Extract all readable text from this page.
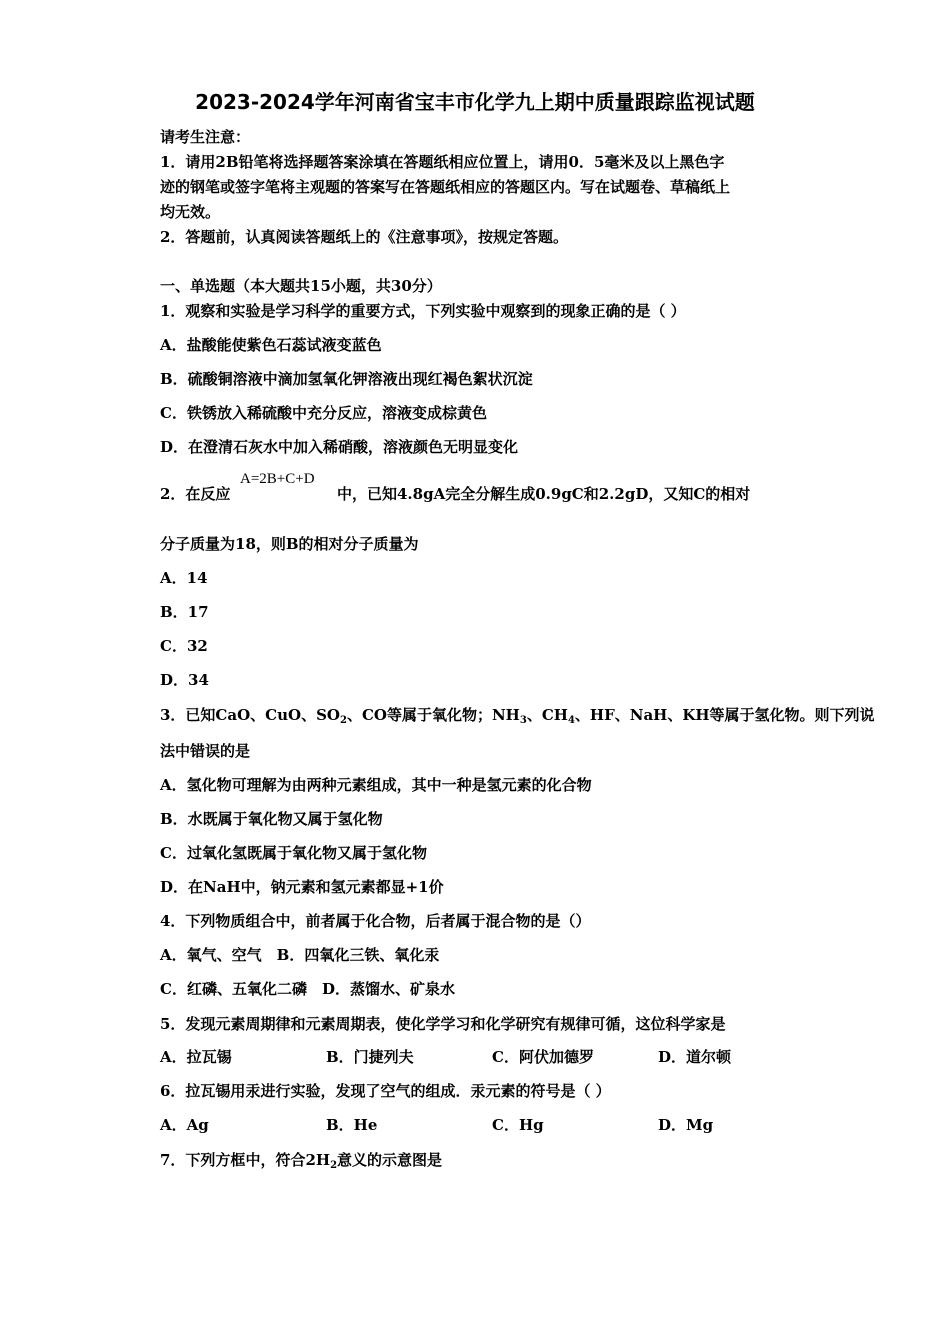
2023-2024学年河南省宝丰市化学九上期中质量跟踪监视试题
请考生注意：
1．请用2B铅笔将选择题答案涂填在答题纸相应位置上，请用0．5毫米及以上黑色字
迹的钢笔或签字笔将主观题的答案写在答题纸相应的答题区内。写在试题卷、草稿纸上
均无效。
2．答题前，认真阅读答题纸上的《注意事项》，按规定答题。
一、单选题（本大题共15小题，共30分）
1．观察和实验是学习科学的重要方式，下列实验中观察到的现象正确的是（ ）
A．盐酸能使紫色石蕊试液变蓝色
B．硫酸铜溶液中滴加氢氧化钾溶液出现红褐色絮状沉淀
C．铁锈放入稀硫酸中充分反应，溶液变成棕黄色
D．在澄清石灰水中加入稀硝酸，溶液颜色无明显变化
2．在反应
A=2B+C+D
中，已知4.8gA完全分解生成0.9gC和2.2gD，又知C的相对
分子质量为18，则B的相对分子质量为
A．14
B．17
C．32
D．34
3．已知CaO、CuO、$SO_2$、CO等属于氧化物；$NH_3$、$CH_4$、HF、NaH、KH等属于氢化物。则下列说
法中错误的是
A．氢化物可理解为由两种元素组成，其中一种是氢元素的化合物
B．水既属于氧化物又属于氢化物
C．过氧化氢既属于氧化物又属于氢化物
D．在NaH中，钠元素和氢元素都显+1价
4．下列物质组合中，前者属于化合物，后者属于混合物的是（）
A．氧气、空气　B．四氧化三铁、氧化汞
C．红磷、五氧化二磷　D．蒸馏水、矿泉水
5．发现元素周期律和元素周期表，使化学学习和化学研究有规律可循，这位科学家是
A．拉瓦锡	B．门捷列夫	C．阿伏加德罗	D．道尔顿
6．拉瓦锡用汞进行实验，发现了空气的组成．汞元素的符号是（ ）
A．Ag	B．He	C．Hg	D．Mg
7．下列方框中，符合$2H_2$意义的示意图是
